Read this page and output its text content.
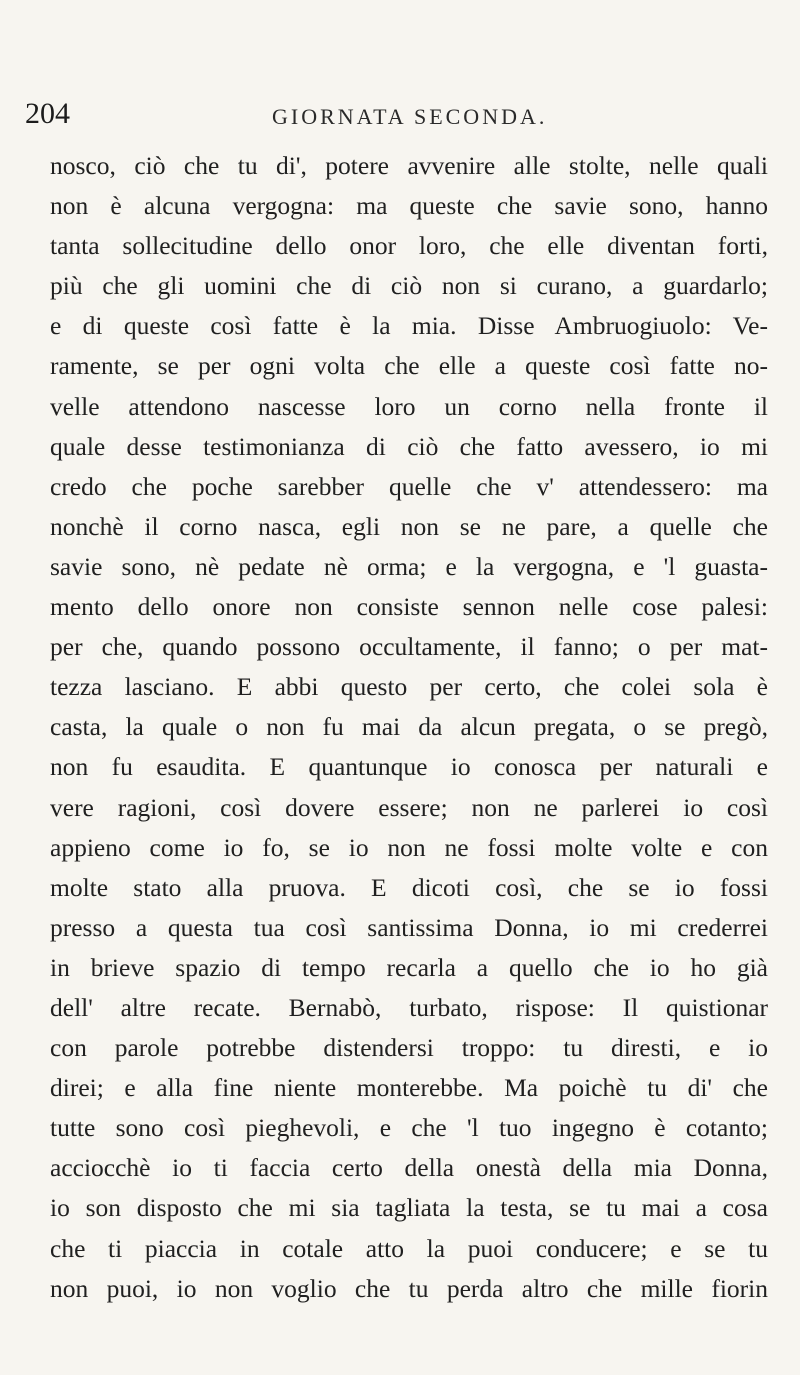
204	GIORNATA SECONDA.
nosco, ciò che tu di', potere avvenire alle stolte, nelle quali
non è alcuna vergogna: ma queste che savie sono, hanno
tanta sollecitudine dello onor loro, che elle diventan forti,
più che gli uomini che di ciò non si curano, a guardarlo;
e di queste così fatte è la mia. Disse Ambruogiuolo: Ve-
ramente, se per ogni volta che elle a queste così fatte no-
velle attendono nascesse loro un corno nella fronte il
quale desse testimonianza di ciò che fatto avessero, io mi
credo che poche sarebber quelle che v' attendessero: ma
nonchè il corno nasca, egli non se ne pare, a quelle che
savie sono, nè pedate nè orma; e la vergogna, e 'l guasta-
mento dello onore non consiste sennon nelle cose palesi:
per che, quando possono occultamente, il fanno; o per mat-
tezza lasciano. E abbi questo per certo, che colei sola è
casta, la quale o non fu mai da alcun pregata, o se pregò,
non fu esaudita. E quantunque io conosca per naturali e
vere ragioni, così dovere essere; non ne parlerei io così
appieno come io fo, se io non ne fossi molte volte e con
molte stato alla pruova. E dicoti così, che se io fossi
presso a questa tua così santissima Donna, io mi crederrei
in brieve spazio di tempo recarla a quello che io ho già
dell' altre recate. Bernabò, turbato, rispose: Il quistionar
con parole potrebbe distendersi troppo: tu diresti, e io
direi; e alla fine niente monterebbe. Ma poichè tu di' che
tutte sono così pieghevoli, e che 'l tuo ingegno è cotanto;
acciocchè io ti faccia certo della onestà della mia Donna,
io son disposto che mi sia tagliata la testa, se tu mai a cosa
che ti piaccia in cotale atto la puoi conducere; e se tu
non puoi, io non voglio che tu perda altro che mille fiorin
